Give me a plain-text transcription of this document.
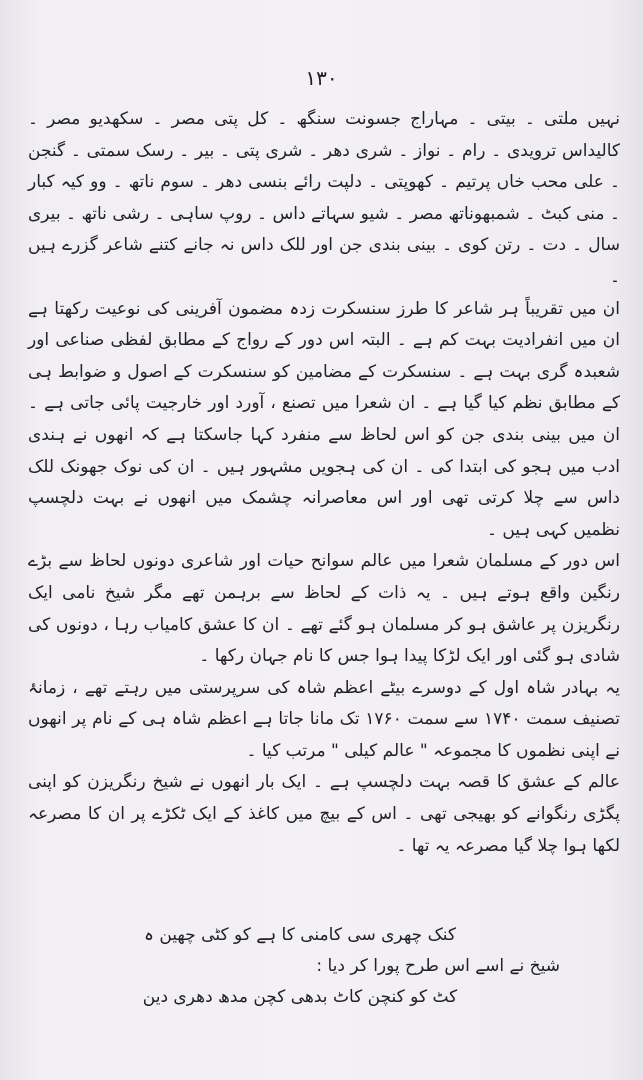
۱۳۰

نہیں ملتی ۔ بیتی ۔ مہاراج جسونت سنگھ ۔ کل پتی مصر ۔ سکھدیو مصر ۔ کالیداس ترویدی ۔ رام ۔ نواز ۔ شری دھر ۔ شری پتی ۔ بیر ۔ رسک سمتی ۔ گنجن ۔ علی محب خاں پرتیم ۔ کھوپتی ۔ دلپت رائے بنسی دھر ۔ سوم ناتھ ۔ وو کیہ کبار ۔ منی کبٹ ۔ شمبھوناتھ مصر ۔ شیو سہاتے داس ۔ روپ ساہی ۔ رشی ناتھ ۔ بیری سال ۔ دت ۔ رتن کوی ۔ بینی بندی جن اور للک داس نہ جانے کتنے شاعر گزرے ہیں ۔

ان میں تقریباً ہر شاعر کا طرز سنسکرت زدہ مضمون آفرینی کی نوعیت رکھتا ہے ان میں انفرادیت بہت کم ہے ۔ البتہ اس دور کے رواج کے مطابق لفظی صناعی اور شعبدہ گری بہت ہے ۔ سنسکرت کے مضامین کو سنسکرت کے اصول و ضوابط ہی کے مطابق نظم کیا گیا ہے ۔ ان شعرا میں تصنع ، آورد اور خارجیت پائی جاتی ہے ۔ ان میں بینی بندی جن کو اس لحاظ سے منفرد کہا جاسکتا ہے کہ انھوں نے ہندی ادب میں ہجو کی ابتدا کی ۔ ان کی ہجویں مشہور ہیں ۔ ان کی نوک جھونک للک داس سے چلا کرتی تھی اور اس معاصرانہ چشمک میں انھوں نے بہت دلچسپ نظمیں کہی ہیں ۔

اس دور کے مسلمان شعرا میں عالم سوانح حیات اور شاعری دونوں لحاظ سے بڑے رنگین واقع ہوتے ہیں ۔ یہ ذات کے لحاظ سے برہمن تھے مگر شیخ نامی ایک رنگریزن پر عاشق ہو کر مسلمان ہو گئے تھے ۔ ان کا عشق کامیاب رہا ، دونوں کی شادی ہو گئی اور ایک لڑکا پیدا ہوا جس کا نام جہان رکھا ۔

یہ بہادر شاہ اول کے دوسرے بیٹے اعظم شاہ کی سرپرستی میں رہتے تھے ، زمانۂ تصنیف سمت ۱۷۴۰ سے سمت ۱۷۶۰ تک مانا جاتا ہے اعظم شاہ ہی کے نام پر انھوں نے اپنی نظموں کا مجموعہ " عالم کیلی " مرتب کیا ۔

عالم کے عشق کا قصہ بہت دلچسپ ہے ۔ ایک بار انھوں نے شیخ رنگریزن کو اپنی پگڑی رنگوانے کو بھیجی تھی ۔ اس کے بیچ میں کاغذ کے ایک ٹکڑے پر ان کا مصرعہ لکھا ہوا چلا گیا مصرعہ یہ تھا ۔

کنک چھری سی کامنی کا ہے کو کٹی چھین ہ
شیخ نے اسے اس طرح پورا کر دیا :
کٹ کو کنچن کاٹ بدھی کچن مدھ دھری دین
